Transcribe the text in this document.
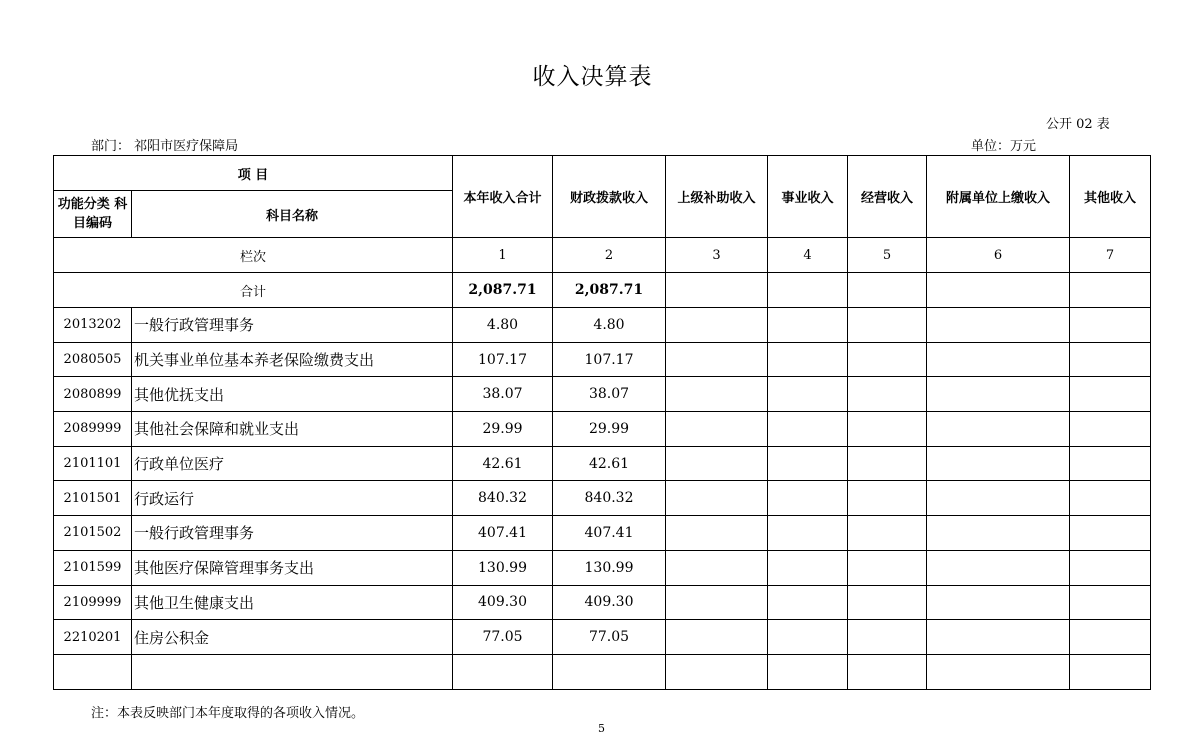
收入决算表
公开 02 表
部门： 祁阳市医疗保障局	单位：万元
项 目		本年收入合计	财政拨款收入	上级补助收入	事业收入	经营收入	附属单位上缴收入	其他收入
功能分类 科目编码	科目名称							
栏次		1	2	3	4	5	6	7
合计		2,087.71	2,087.71					
2013202	一般行政管理事务	4.80	4.80					
2080505	机关事业单位基本养老保险缴费支出	107.17	107.17					
2080899	其他优抚支出	38.07	38.07					
2089999	其他社会保障和就业支出	29.99	29.99					
2101101	行政单位医疗	42.61	42.61					
2101501	行政运行	840.32	840.32					
2101502	一般行政管理事务	407.41	407.41					
2101599	其他医疗保障管理事务支出	130.99	130.99					
2109999	其他卫生健康支出	409.30	409.30					
2210201	住房公积金	77.05	77.05					

注：本表反映部门本年度取得的各项收入情况。
5
